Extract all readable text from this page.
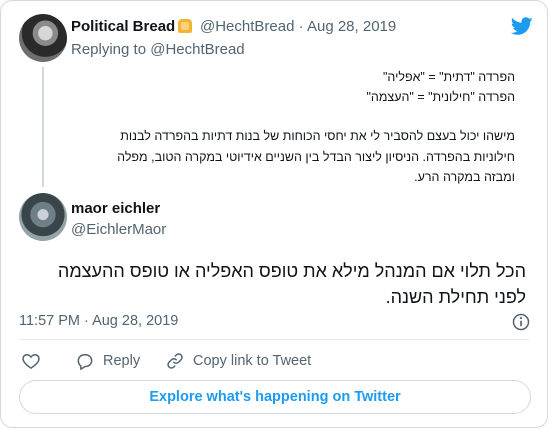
Political Bread	@HechtBread · Aug 28, 2019
Replying to @HechtBread
הפרדה "דתית" = "אפליה"
הפרדה "חילונית" = "העצמה"
מישהו יכול בעצם להסביר לי את יחסי הכוחות של בנות דתיות בהפרדה לבנות
חילוניות בהפרדה. הניסיון ליצור הבדל בין השניים אידיוטי במקרה הטוב, מפלה
ומבזה במקרה הרע.
maor eichler
@EichlerMaor
הכל תלוי אם המנהל מילא את טופס האפליה או טופס ההעצמה
לפני תחילת השנה.
11:57 PM · Aug 28, 2019
Reply	Copy link to Tweet
Explore what's happening on Twitter
